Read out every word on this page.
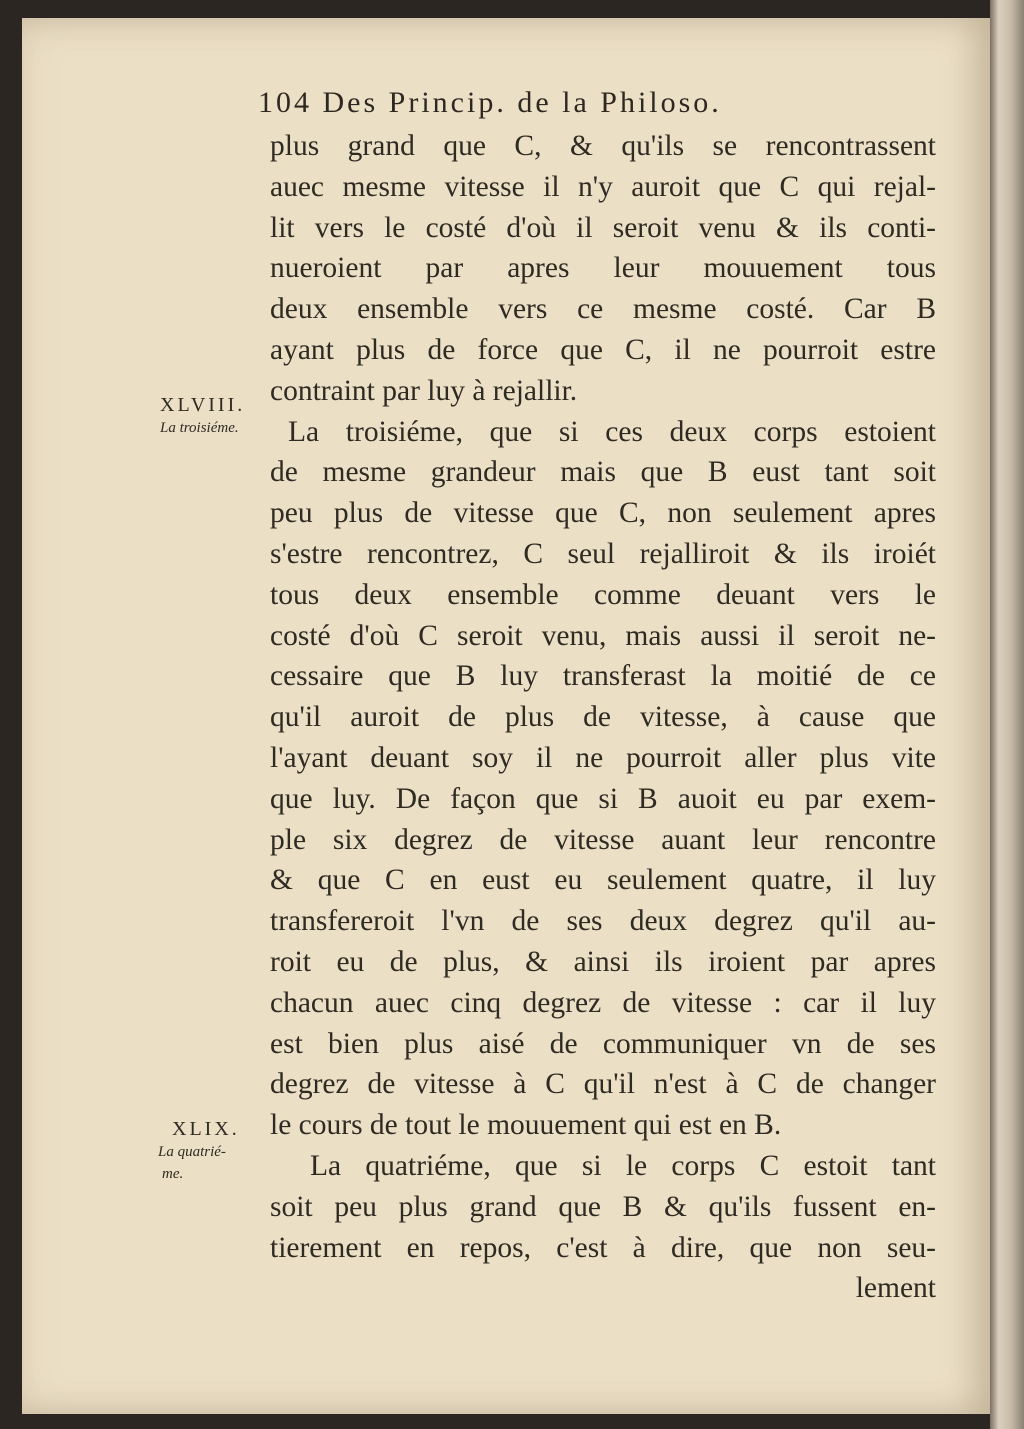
104 Des Princip. de la Philoso.
XLVIII.
La troisiéme.
XLIX.
La quatrié-
me.
plus grand que C, & qu'ils se rencontrassent
auec mesme vitesse il n'y auroit que C qui rejal-
lit vers le costé d'où il seroit venu & ils conti-
nueroient par apres leur mouuement tous
deux ensemble vers ce mesme costé. Car B
ayant plus de force que C, il ne pourroit estre
contraint par luy à rejallir.
La troisiéme, que si ces deux corps estoient
de mesme grandeur mais que B eust tant soit
peu plus de vitesse que C, non seulement apres
s'estre rencontrez, C seul rejalliroit & ils iroiét
tous deux ensemble comme deuant vers le
costé d'où C seroit venu, mais aussi il seroit ne-
cessaire que B luy transferast la moitié de ce
qu'il auroit de plus de vitesse, à cause que
l'ayant deuant soy il ne pourroit aller plus vite
que luy. De façon que si B auoit eu par exem-
ple six degrez de vitesse auant leur rencontre
& que C en eust eu seulement quatre, il luy
transfereroit l'vn de ses deux degrez qu'il au-
roit eu de plus, & ainsi ils iroient par apres
chacun auec cinq degrez de vitesse : car il luy
est bien plus aisé de communiquer vn de ses
degrez de vitesse à C qu'il n'est à C de changer
le cours de tout le mouuement qui est en B.
La quatriéme, que si le corps C estoit tant
soit peu plus grand que B & qu'ils fussent en-
tierement en repos, c'est à dire, que non seu-
lement
